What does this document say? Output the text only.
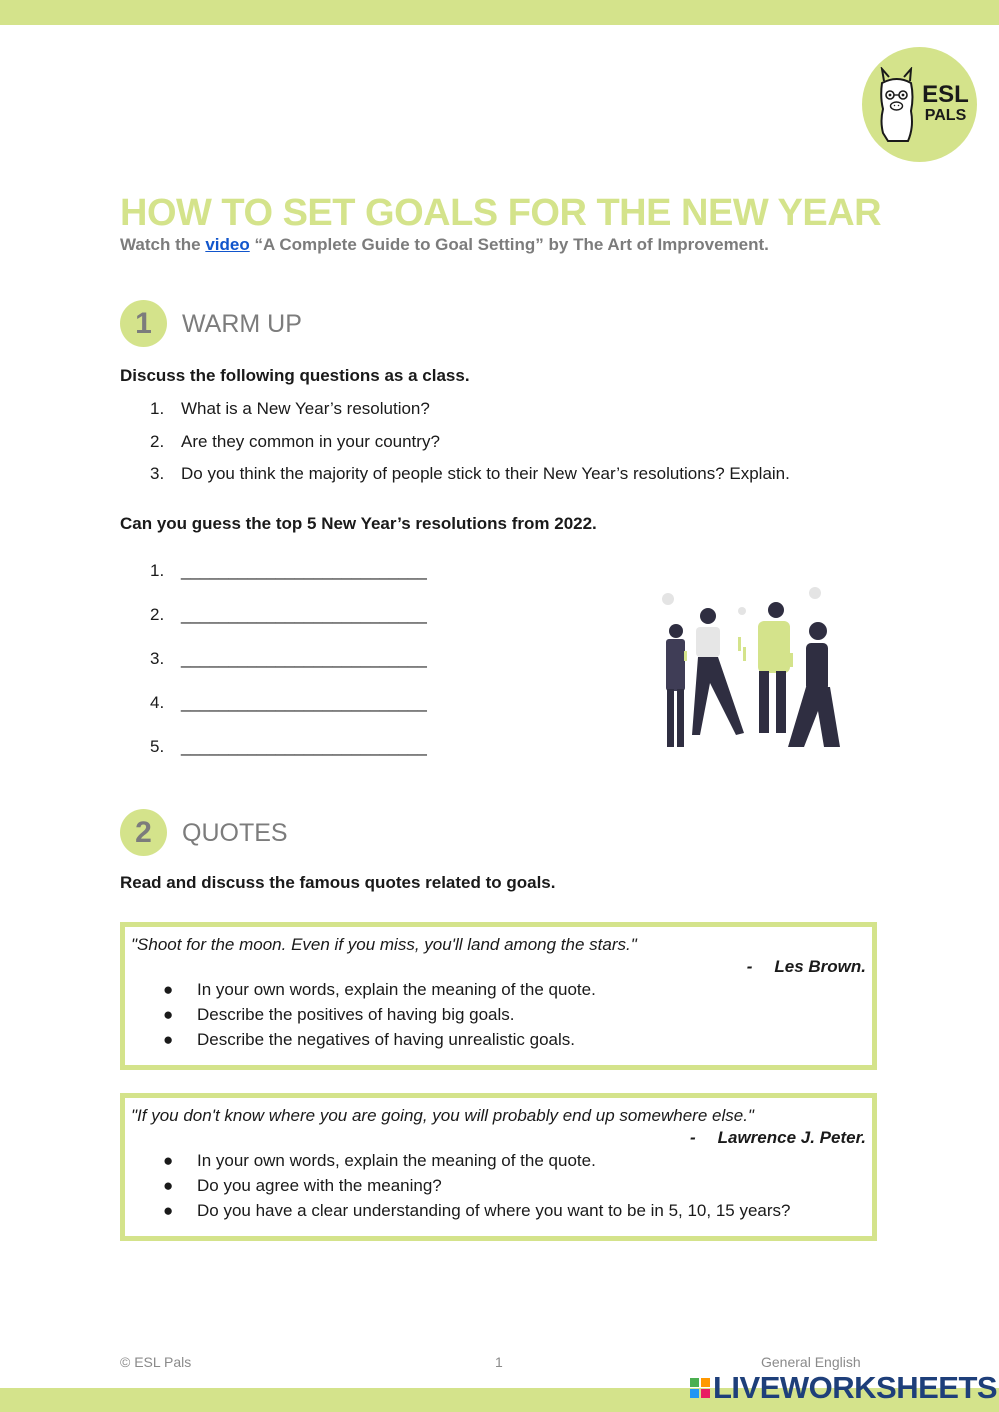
ESL
PALS
HOW TO SET GOALS FOR THE NEW YEAR
Watch the video “A Complete Guide to Goal Setting” by The Art of Improvement.
1	WARM UP
Discuss the following questions as a class.
1. What is a New Year’s resolution?
2. Are they common in your country?
3. Do you think the majority of people stick to their New Year’s resolutions? Explain.
Can you guess the top 5 New Year’s resolutions from 2022.
1. __________________________
2. __________________________
3. __________________________
4. __________________________
5. __________________________
2	QUOTES
Read and discuss the famous quotes related to goals.
"Shoot for the moon. Even if you miss, you'll land among the stars."
- Les Brown.
●	In your own words, explain the meaning of the quote.
●	Describe the positives of having big goals.
●	Describe the negatives of having unrealistic goals.
"If you don't know where you are going, you will probably end up somewhere else."
- Lawrence J. Peter.
●	In your own words, explain the meaning of the quote.
●	Do you agree with the meaning?
●	Do you have a clear understanding of where you want to be in 5, 10, 15 years?
© ESL Pals	1	General English
LIVEWORKSHEETS
